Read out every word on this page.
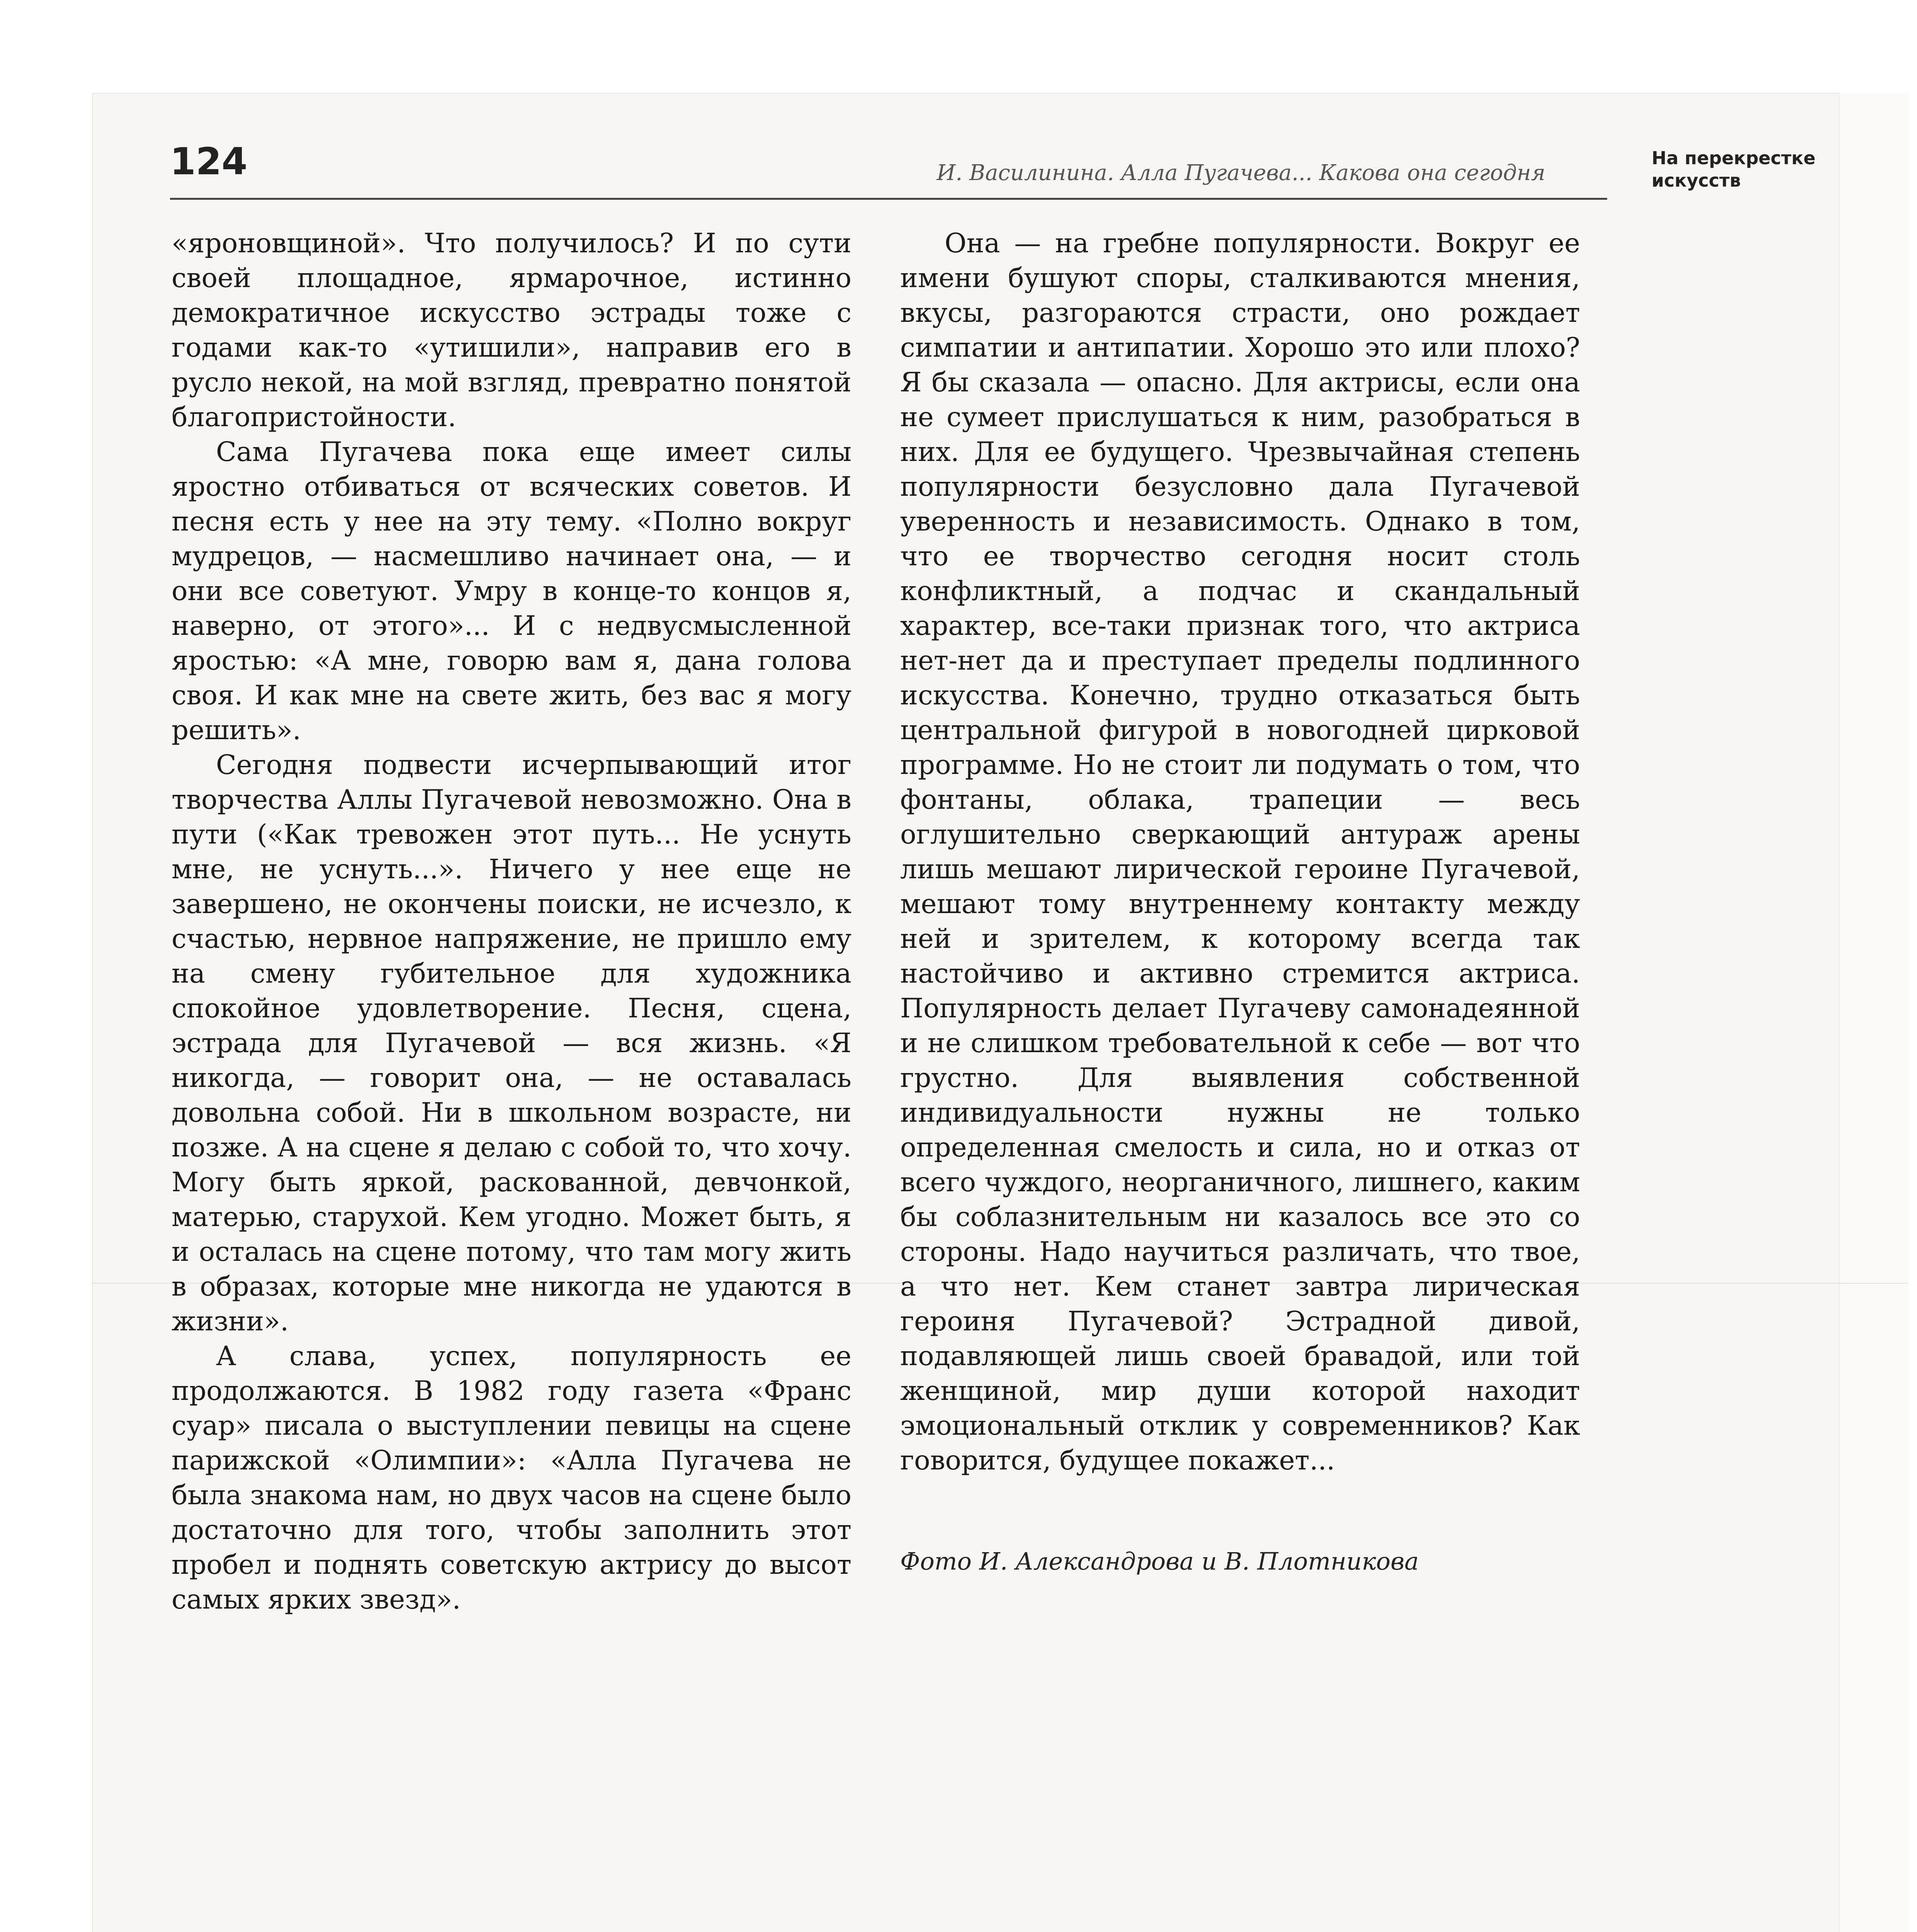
124	И. Василинина. Алла Пугачева... Какова она сегодня
На перекрестке
искусств

«яроновщиной». Что получилось? И по сути своей площадное, ярмарочное, истинно демократичное искусство эстрады тоже с годами как-то «утишили», направив его в русло некой, на мой взгляд, превратно понятой благопристойности.

Сама Пугачева пока еще имеет силы яростно отбиваться от всяческих советов. И песня есть у нее на эту тему. «Полно вокруг мудрецов, — насмешливо начинает она, — и они все советуют. Умру в конце-то концов я, наверно, от этого»... И с недвусмысленной яростью: «А мне, говорю вам я, дана голова своя. И как мне на свете жить, без вас я могу решить».

Сегодня подвести исчерпывающий итог творчества Аллы Пугачевой невозможно. Она в пути («Как тревожен этот путь... Не уснуть мне, не уснуть...». Ничего у нее еще не завершено, не окончены поиски, не исчезло, к счастью, нервное напряжение, не пришло ему на смену губительное для художника спокойное удовлетворение. Песня, сцена, эстрада для Пугачевой — вся жизнь. «Я никогда, — говорит она, — не оставалась довольна собой. Ни в школьном возрасте, ни позже. А на сцене я делаю с собой то, что хочу. Могу быть яркой, раскованной, девчонкой, матерью, старухой. Кем угодно. Может быть, я и осталась на сцене потому, что там могу жить в образах, которые мне никогда не удаются в жизни».

А слава, успех, популярность ее продолжаются. В 1982 году газета «Франс суар» писала о выступлении певицы на сцене парижской «Олимпии»: «Алла Пугачева не была знакома нам, но двух часов на сцене было достаточно для того, чтобы заполнить этот пробел и поднять советскую актрису до высот самых ярких звезд».

Она — на гребне популярности. Вокруг ее имени бушуют споры, сталкиваются мнения, вкусы, разгораются страсти, оно рождает симпатии и антипатии. Хорошо это или плохо? Я бы сказала — опасно. Для актрисы, если она не сумеет прислушаться к ним, разобраться в них. Для ее будущего. Чрезвычайная степень популярности безусловно дала Пугачевой уверенность и независимость. Однако в том, что ее творчество сегодня носит столь конфликтный, а подчас и скандальный характер, все-таки признак того, что актриса нет-нет да и преступает пределы подлинного искусства. Конечно, трудно отказаться быть центральной фигурой в новогодней цирковой программе. Но не стоит ли подумать о том, что фонтаны, облака, трапеции — весь оглушительно сверкающий антураж арены лишь мешают лирической героине Пугачевой, мешают тому внутреннему контакту между ней и зрителем, к которому всегда так настойчиво и активно стремится актриса. Популярность делает Пугачеву самонадеянной и не слишком требовательной к себе — вот что грустно. Для выявления собственной индивидуальности нужны не только определенная смелость и сила, но и отказ от всего чуждого, неорганичного, лишнего, каким бы соблазнительным ни казалось все это со стороны. Надо научиться различать, что твое, а что нет. Кем станет завтра лирическая героиня Пугачевой? Эстрадной дивой, подавляющей лишь своей бравадой, или той женщиной, мир души которой находит эмоциональный отклик у современников? Как говорится, будущее покажет...

Фото И. Александрова и В. Плотникова
